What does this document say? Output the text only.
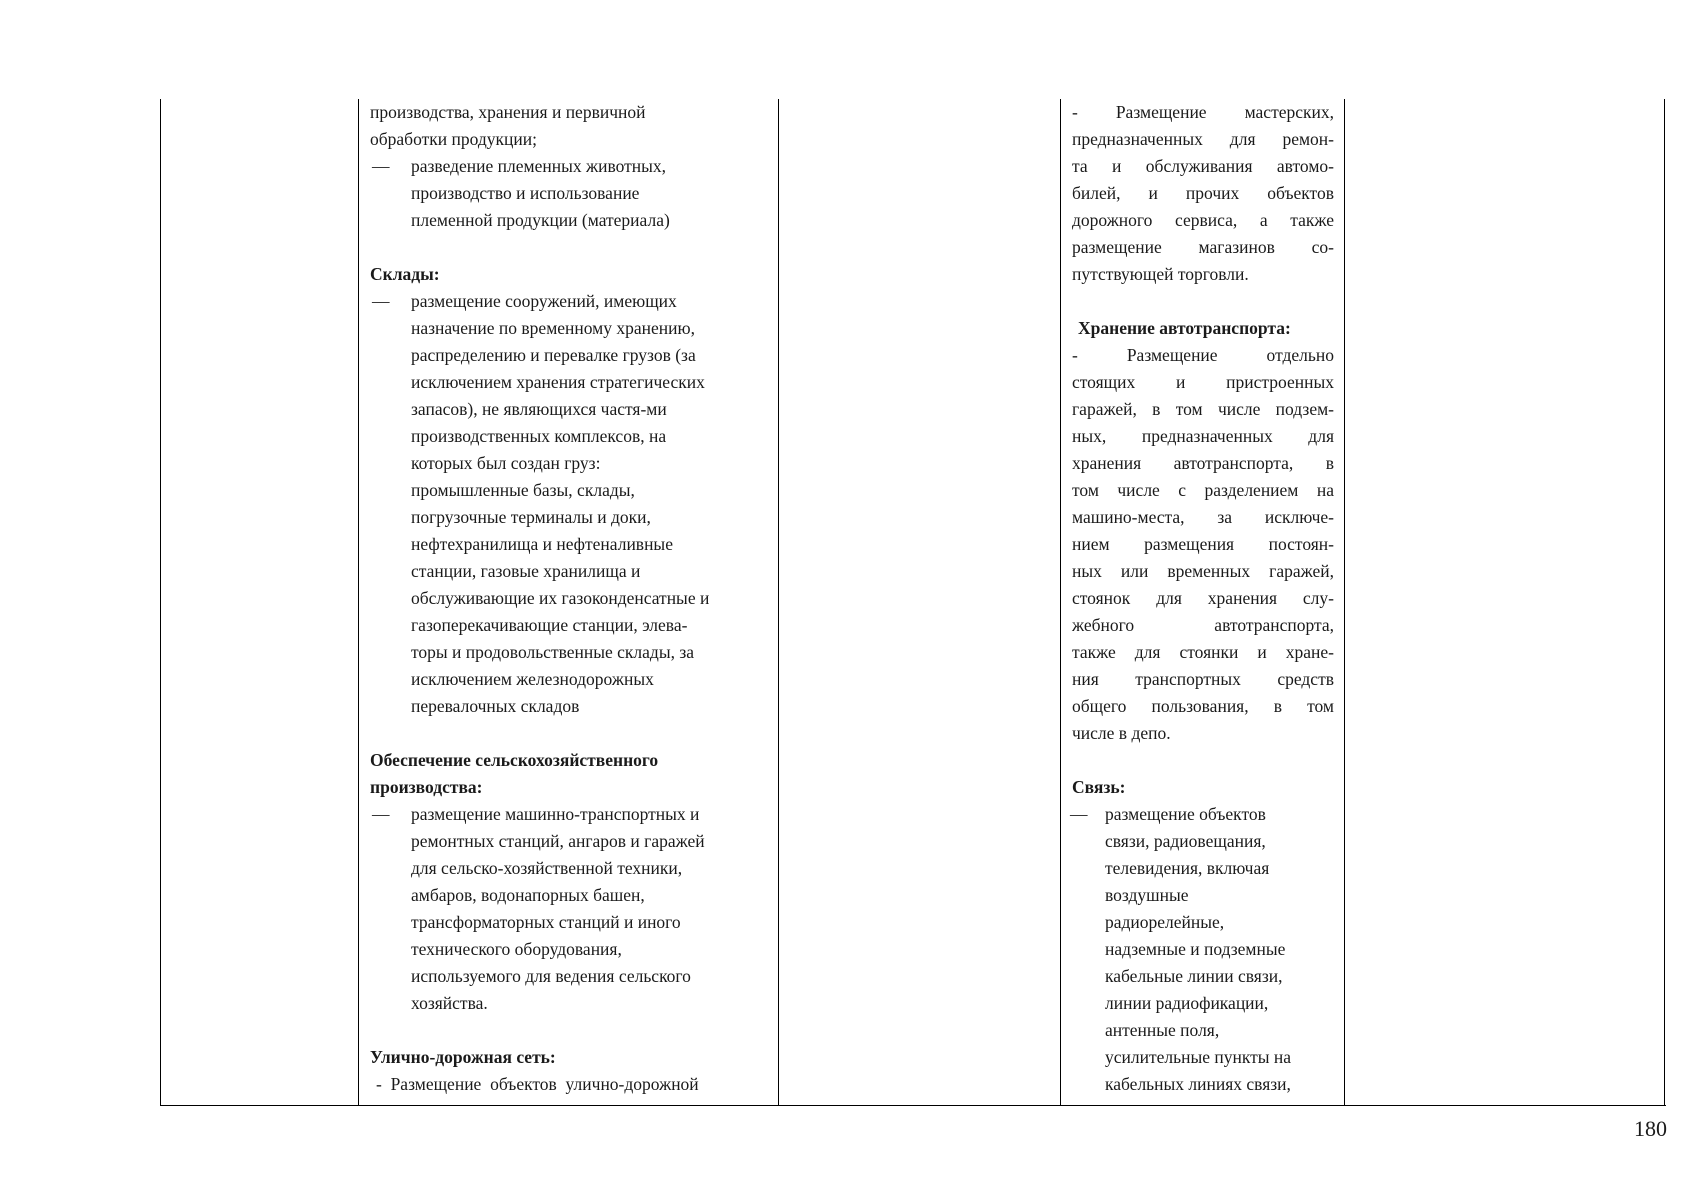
производства, хранения и первичной
обработки продукции;
— разведение племенных животных,
производство и использование
племенной продукции (материала)

Склады:

— размещение сооружений, имеющих
назначение по временному хранению,
распределению и перевалке грузов (за
исключением хранения стратегических
запасов), не являющихся частя-ми
производственных комплексов, на
которых был создан груз:
промышленные базы, склады,
погрузочные терминалы и доки,
нефтехранилища и нефтеналивные
станции, газовые хранилища и
обслуживающие их газоконденсатные и
газоперекачивающие станции, элева-
торы и продовольственные склады, за
исключением железнодорожных
перевалочных складов
Обеспечение сельскохозяйственного
производства:
— размещение машинно-транспортных и
ремонтных станций, ангаров и гаражей
для сельско-хозяйственной техники,
амбаров, водонапорных башен,
трансформаторных станций и иного
технического оборудования,
используемого для ведения сельского
хозяйства.

Улично-дорожная сеть:

-  Размещение  объектов  улично-дорожной

- Размещение мастерских,
предназначенных для ремон-
та и обслуживания автомо-
билей, и прочих объектов
дорожного сервиса, а также
размещение магазинов со-
путствующей торговли.

Хранение автотранспорта:

- Размещение отдельно
стоящих и пристроенных
гаражей, в том числе подзем-
ных, предназначенных для
хранения автотранспорта, в
том числе с разделением на
машино-места, за исключе-
нием размещения постоян-
ных или временных гаражей,
стоянок для хранения слу-
жебного автотранспорта,
также для стоянки и хране-
ния транспортных средств
общего пользования, в том
числе в депо.

Связь:

— размещение объектов
связи, радиовещания,
телевидения, включая
воздушные
радиорелейные,
надземные и подземные
кабельные линии связи,
линии радиофикации,
антенные поля,
усилительные пункты на
кабельных линиях связи,
180
